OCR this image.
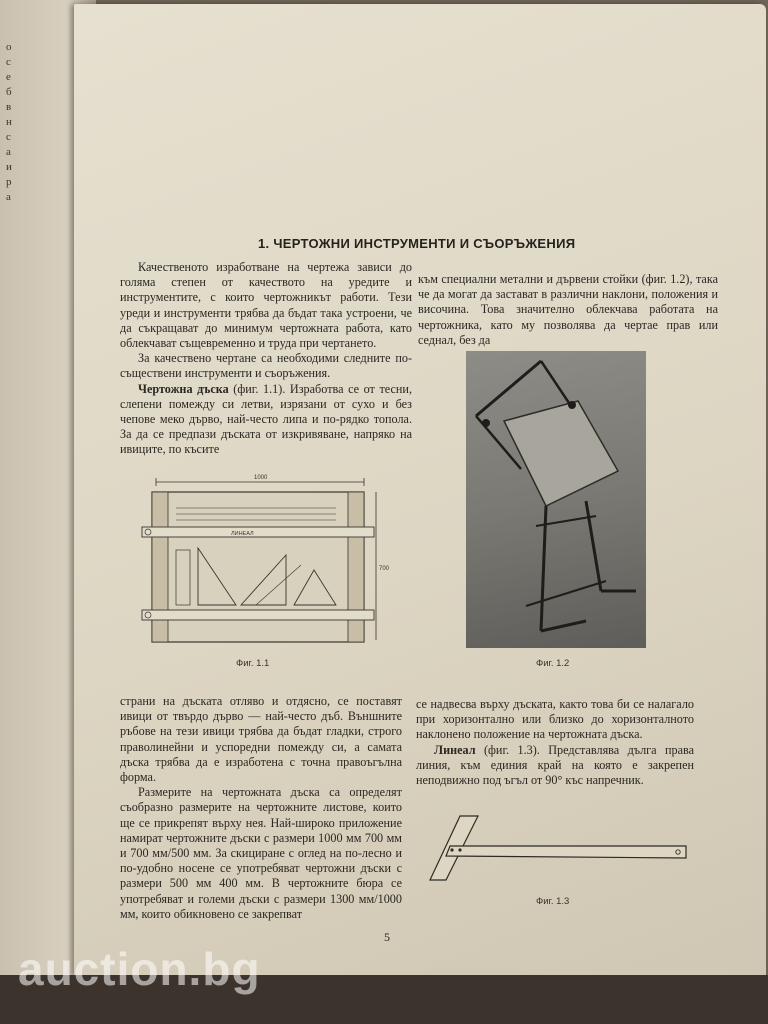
o
с
е
б
в
н
с
а
и
р
а
1. ЧЕРТОЖНИ ИНСТРУМЕНТИ И СЪОРЪЖЕНИЯ

Качественото изработване на чертежа зависи до голяма степен от качеството на уредите и инструментите, с които чертожникът работи. Тези уреди и инструменти трябва да бъдат така устроени, че да съкращават до минимум чертожната работа, като облекчават същевременно и труда при чертането.

За качествено чертане са необходими следните по-съществени инструменти и съоръжения.

Чертожна дъска (фиг. 1.1). Изработва се от тесни, слепени помежду си летви, изрязани от сухо и без чепове меко дърво, най-често липа и по-рядко топола. За да се предпази дъската от изкривяване, напряко на ивиците, по късите

към специални метални и дървени стойки (фиг. 1.2), така че да могат да застават в различни наклони, положения и височина. Това значително облекчава работата на чертожника, като му позволява да чертае прав или седнал, без да

1000
700
ЛИНЕАЛ
Фиг. 1.1	Фиг. 1.2

страни на дъската отляво и отдясно, се поставят ивици от твърдо дърво — най-често дъб. Външните ръбове на тези ивици трябва да бъдат гладки, строго праволинейни и успоредни помежду си, а самата дъска трябва да е изработена с точна правоъгълна форма.

Размерите на чертожната дъска са определят съобразно размерите на чертожните листове, които ще се прикрепят върху нея. Най-широко приложение намират чертожните дъски с размери 1000 мм 700 мм и 700 мм/500 мм. За скициране с оглед на по-лесно и по-удобно носене се употребяват чертожни дъски с размери 500 мм 400 мм. В чертожните бюра се употребяват и големи дъски с размери 1300 мм/1000 мм, които обикновено се закрепват

се надвесва върху дъската, както това би се налагало при хоризонтално или близко до хоризонталното наклонено положение на чертожната дъска.

Линеал (фиг. 1.3). Представлява дълга права линия, към единия край на която е закрепен неподвижно под ъгъл от 90° къс напречник.

Фиг. 1.3
5
auction.bg
